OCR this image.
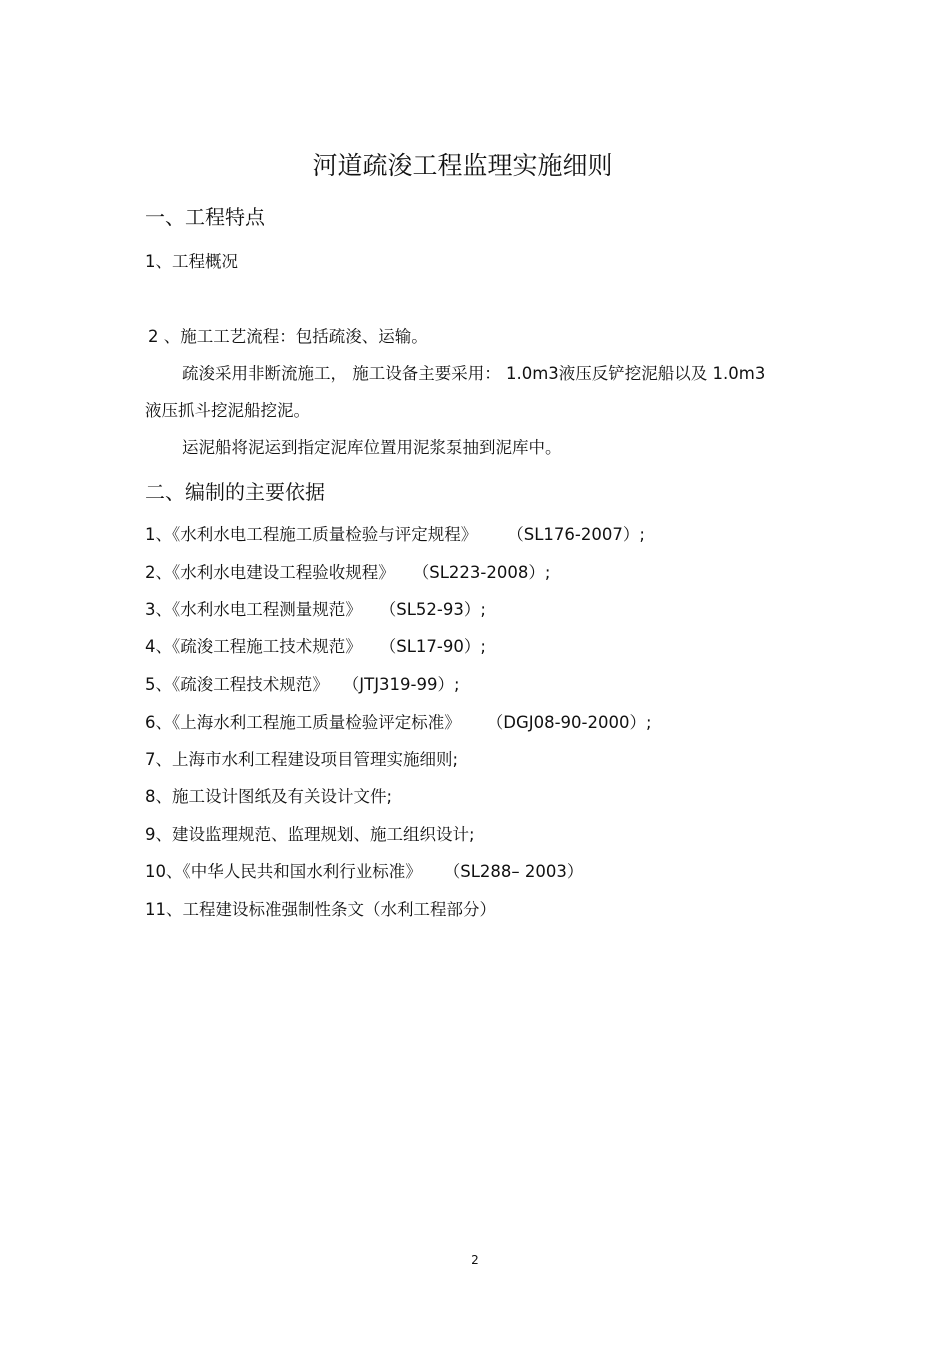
河道疏浚工程监理实施细则
一、工程特点
1、工程概况
2 、施工工艺流程：包括疏浚、运输。
疏浚采用非断流施工， 施工设备主要采用： 1.0m3液压反铲挖泥船以及 1.0m3
液压抓斗挖泥船挖泥。
运泥船将泥运到指定泥库位置用泥浆泵抽到泥库中。
二、编制的主要依据
1、《水利水电工程施工质量检验与评定规程》 （SL176-2007）;
2、《水利水电建设工程验收规程》 （SL223-2008）;
3、《水利水电工程测量规范》 （SL52-93）;
4、《疏浚工程施工技术规范》 （SL17-90）;
5、《疏浚工程技术规范》 （JTJ319-99）;
6、《上海水利工程施工质量检验评定标准》 （DGJ08-90-2000）;
7、上海市水利工程建设项目管理实施细则;
8、施工设计图纸及有关设计文件;
9、建设监理规范、监理规划、施工组织设计;
10、《中华人民共和国水利行业标准》 （SL288– 2003）
11、工程建设标准强制性条文（水利工程部分）
2
